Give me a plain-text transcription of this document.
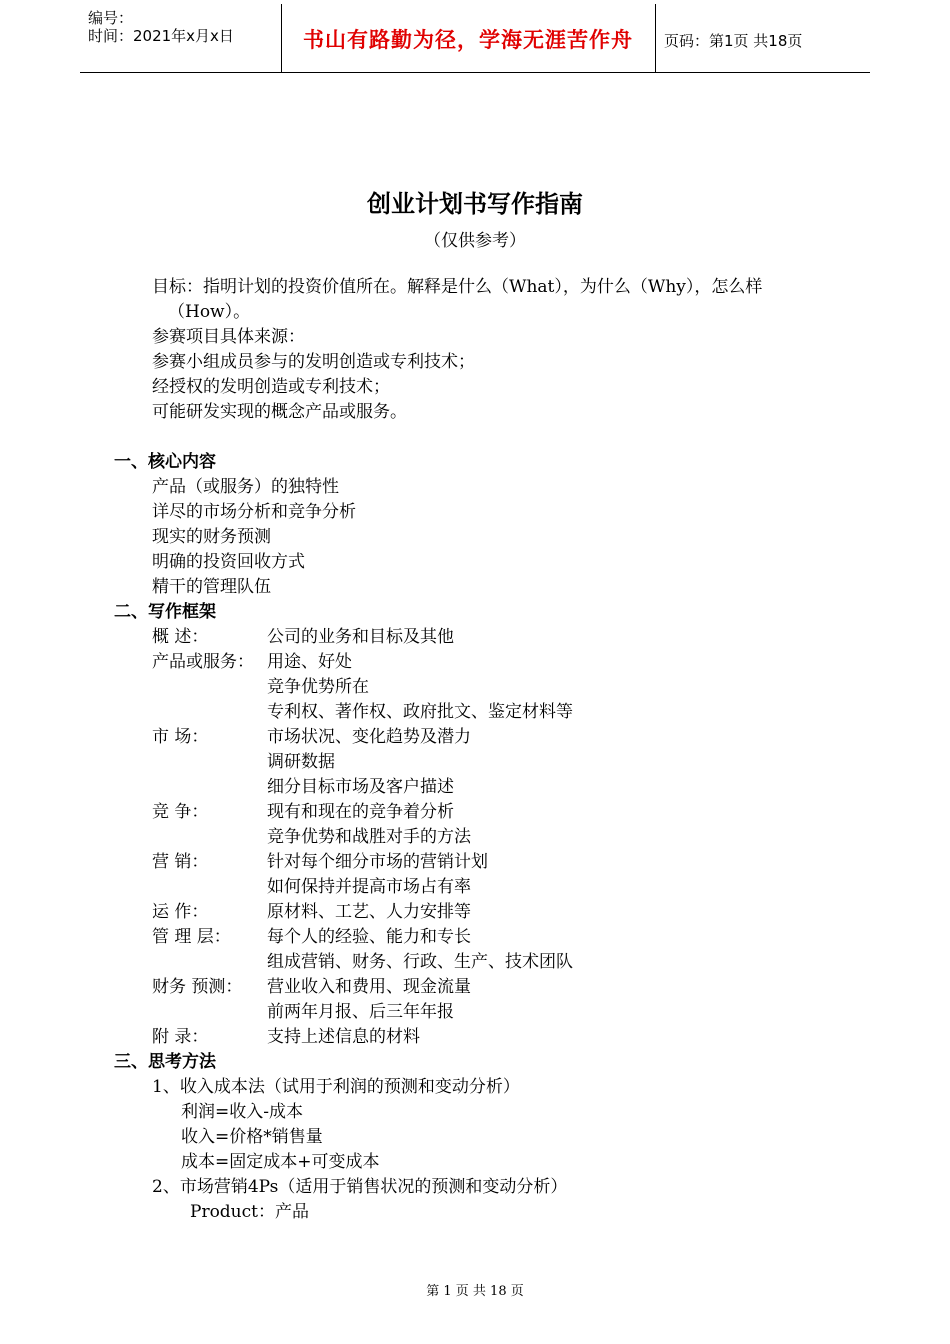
编号：
时间：2021年x月x日	书山有路勤为径，学海无涯苦作舟	页码：第1页 共18页
创业计划书写作指南
（仅供参考）
目标：指明计划的投资价值所在。解释是什么（What），为什么（Why），怎么样
（How）。
参赛项目具体来源：
参赛小组成员参与的发明创造或专利技术；
经授权的发明创造或专利技术；
可能研发实现的概念产品或服务。
一、核心内容
产品（或服务）的独特性
详尽的市场分析和竞争分析
现实的财务预测
明确的投资回收方式
精干的管理队伍
二、写作框架
概 述：	公司的业务和目标及其他
产品或服务： 用途、好处
竞争优势所在
专利权、著作权、政府批文、鉴定材料等
市 场：	市场状况、变化趋势及潜力
调研数据
细分目标市场及客户描述
竞 争：	现有和现在的竞争着分析
竞争优势和战胜对手的方法
营 销：	针对每个细分市场的营销计划
如何保持并提高市场占有率
运 作：	原材料、工艺、人力安排等
管 理 层： 每个人的经验、能力和专长
组成营销、财务、行政、生产、技术团队
财务 预测： 营业收入和费用、现金流量
前两年月报、后三年年报
附 录：	支持上述信息的材料
三、思考方法
1、收入成本法（试用于利润的预测和变动分析）
利润=收入-成本
收入=价格*销售量
成本=固定成本+可变成本
2、市场营销4Ps（适用于销售状况的预测和变动分析）
Product：产品
第 1 页 共 18 页
